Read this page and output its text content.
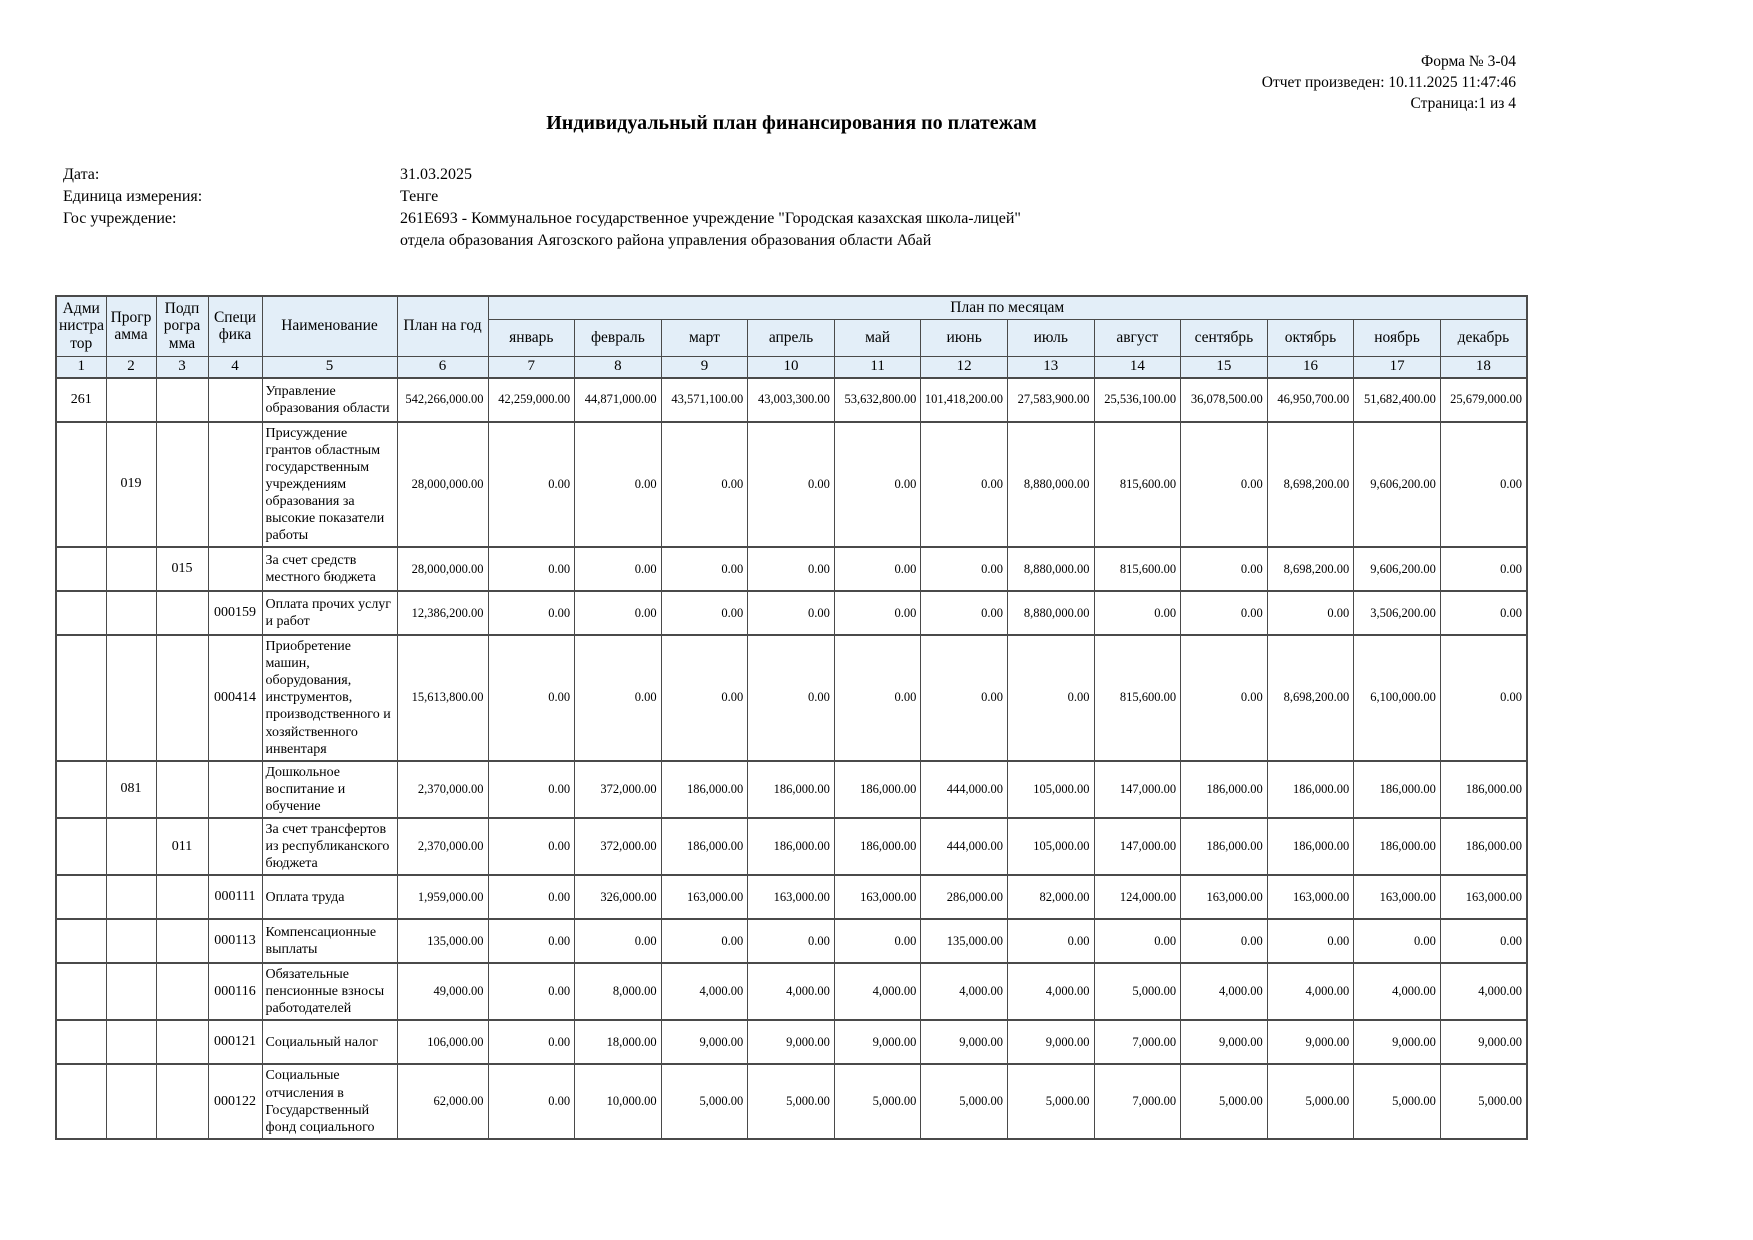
Форма № 3-04
Отчет произведен: 10.11.2025 11:47:46
Страница:1 из 4
Индивидуальный план финансирования по платежам
Дата:	31.03.2025
Единица измерения:	Тенге
Гос учреждение:	261E693 - Коммунальное государственное учреждение "Городская казахская школа-лицей" отдела образования Аягозского района управления образования области Абай
Адми нистра тор	Прогр амма	Подп рогра мма	Специ фика	Наименование	План на год	План по месяцам											
						январь	февраль	март	апрель	май	июнь	июль	август	сентябрь	октябрь	ноябрь	декабрь
1	2	3	4	5	6	7	8	9	10	11	12	13	14	15	16	17	18
261				Управление образования области	542,266,000.00	42,259,000.00	44,871,000.00	43,571,100.00	43,003,300.00	53,632,800.00	101,418,200.00	27,583,900.00	25,536,100.00	36,078,500.00	46,950,700.00	51,682,400.00	25,679,000.00
	019			Присуждение грантов областным государственным учреждениям образования за высокие показатели работы	28,000,000.00	0.00	0.00	0.00	0.00	0.00	0.00	8,880,000.00	815,600.00	0.00	8,698,200.00	9,606,200.00	0.00
		015		За счет средств местного бюджета	28,000,000.00	0.00	0.00	0.00	0.00	0.00	0.00	8,880,000.00	815,600.00	0.00	8,698,200.00	9,606,200.00	0.00
			000159	Оплата прочих услуг и работ	12,386,200.00	0.00	0.00	0.00	0.00	0.00	0.00	8,880,000.00	0.00	0.00	0.00	3,506,200.00	0.00
			000414	Приобретение машин, оборудования, инструментов, производственного и хозяйственного инвентаря	15,613,800.00	0.00	0.00	0.00	0.00	0.00	0.00	0.00	815,600.00	0.00	8,698,200.00	6,100,000.00	0.00
	081			Дошкольное воспитание и обучение	2,370,000.00	0.00	372,000.00	186,000.00	186,000.00	186,000.00	444,000.00	105,000.00	147,000.00	186,000.00	186,000.00	186,000.00	186,000.00
		011		За счет трансфертов из республиканского бюджета	2,370,000.00	0.00	372,000.00	186,000.00	186,000.00	186,000.00	444,000.00	105,000.00	147,000.00	186,000.00	186,000.00	186,000.00	186,000.00
			000111	Оплата труда	1,959,000.00	0.00	326,000.00	163,000.00	163,000.00	163,000.00	286,000.00	82,000.00	124,000.00	163,000.00	163,000.00	163,000.00	163,000.00
			000113	Компенсационные выплаты	135,000.00	0.00	0.00	0.00	0.00	0.00	135,000.00	0.00	0.00	0.00	0.00	0.00	0.00
			000116	Обязательные пенсионные взносы работодателей	49,000.00	0.00	8,000.00	4,000.00	4,000.00	4,000.00	4,000.00	4,000.00	5,000.00	4,000.00	4,000.00	4,000.00	4,000.00
			000121	Социальный налог	106,000.00	0.00	18,000.00	9,000.00	9,000.00	9,000.00	9,000.00	9,000.00	7,000.00	9,000.00	9,000.00	9,000.00	9,000.00
			000122	Социальные отчисления в Государственный фонд социального	62,000.00	0.00	10,000.00	5,000.00	5,000.00	5,000.00	5,000.00	5,000.00	7,000.00	5,000.00	5,000.00	5,000.00	5,000.00
